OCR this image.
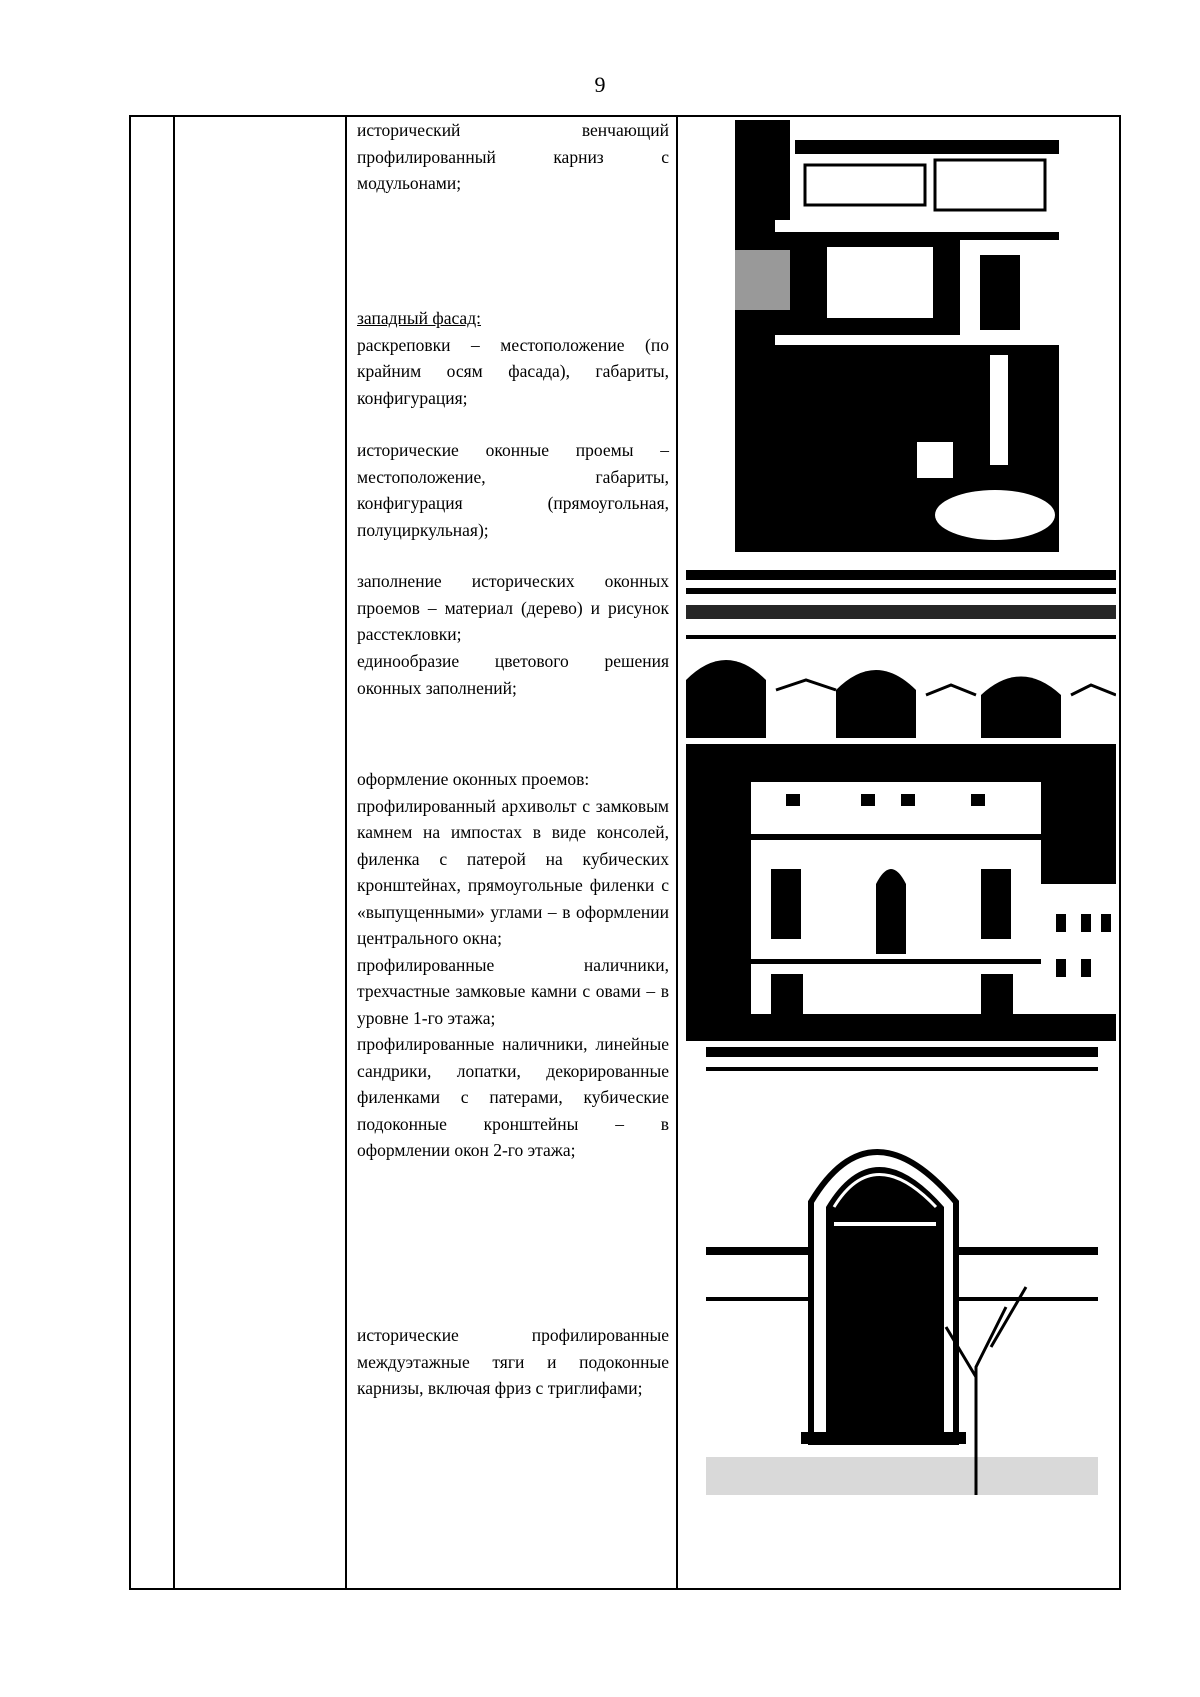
9

исторический венчающий профилированный карниз с модульонами;

западный фасад:
раскреповки – местоположение (по крайним осям фасада), габариты, конфигурация;

исторические оконные проемы – местоположение, габариты, конфигурация (прямоугольная, полуциркульная);

заполнение исторических оконных проемов – материал (дерево) и рисунок расстекловки;

единообразие цветового решения оконных заполнений;

оформление оконных проемов:
профилированный архивольт с замковым камнем на импостах в виде консолей, филенка с патерой на кубических кронштейнах, прямоугольные филенки с «выпущенными» углами – в оформлении центрального окна;
профилированные наличники, трехчастные замковые камни с овами – в уровне 1-го этажа;
профилированные наличники, линейные сандрики, лопатки, декорированные филенками с патерами, кубические подоконные кронштейны – в оформлении окон 2-го этажа;

исторические профилированные междуэтажные тяги и подоконные карнизы, включая фриз с триглифами;
